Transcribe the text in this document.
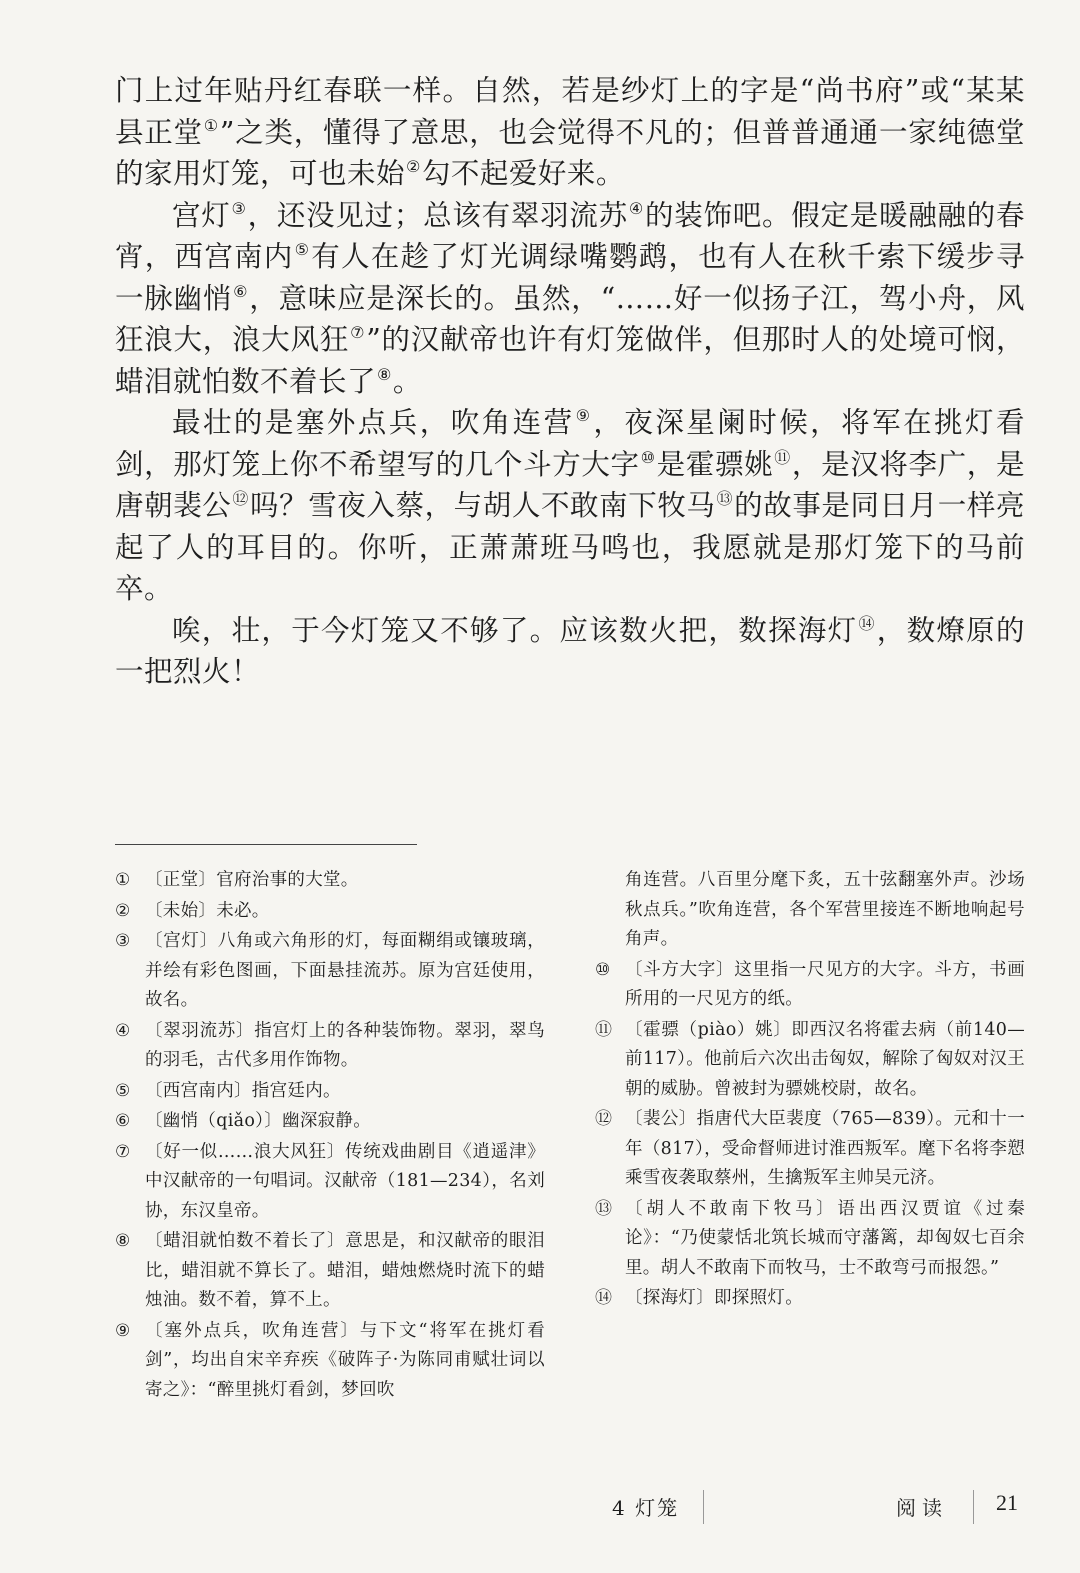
门上过年贴丹红春联一样。自然，若是纱灯上的字是“尚书府”或“某某县正堂①”之类，懂得了意思，也会觉得不凡的；但普普通通一家纯德堂的家用灯笼，可也未始②勾不起爱好来。

宫灯③，还没见过；总该有翠羽流苏④的装饰吧。假定是暖融融的春宵，西宫南内⑤有人在趁了灯光调绿嘴鹦鹉，也有人在秋千索下缓步寻一脉幽悄⑥，意味应是深长的。虽然，“……好一似扬子江，驾小舟，风狂浪大，浪大风狂⑦”的汉献帝也许有灯笼做伴，但那时人的处境可悯，蜡泪就怕数不着长了⑧。

最壮的是塞外点兵，吹角连营⑨，夜深星阑时候，将军在挑灯看剑，那灯笼上你不希望写的几个斗方大字⑩是霍骠姚⑪，是汉将李广，是唐朝裴公⑫吗？雪夜入蔡，与胡人不敢南下牧马⑬的故事是同日月一样亮起了人的耳目的。你听，正萧萧班马鸣也，我愿就是那灯笼下的马前卒。

唉，壮，于今灯笼又不够了。应该数火把，数探海灯⑭，数燎原的一把烈火！

① 〔正堂〕官府治事的大堂。

② 〔未始〕未必。

③ 〔宫灯〕八角或六角形的灯，每面糊绢或镶玻璃，并绘有彩色图画，下面悬挂流苏。原为宫廷使用，故名。

④ 〔翠羽流苏〕指宫灯上的各种装饰物。翠羽，翠鸟的羽毛，古代多用作饰物。

⑤ 〔西宫南内〕指宫廷内。

⑥ 〔幽悄（qiǎo）〕幽深寂静。

⑦ 〔好一似……浪大风狂〕传统戏曲剧目《逍遥津》中汉献帝的一句唱词。汉献帝（181—234），名刘协，东汉皇帝。

⑧ 〔蜡泪就怕数不着长了〕意思是，和汉献帝的眼泪比，蜡泪就不算长了。蜡泪，蜡烛燃烧时流下的蜡烛油。数不着，算不上。

⑨ 〔塞外点兵，吹角连营〕与下文“将军在挑灯看剑”，均出自宋辛弃疾《破阵子·为陈同甫赋壮词以寄之》：“醉里挑灯看剑，梦回吹

角连营。八百里分麾下炙，五十弦翻塞外声。沙场秋点兵。”吹角连营，各个军营里接连不断地响起号角声。

⑩ 〔斗方大字〕这里指一尺见方的大字。斗方，书画所用的一尺见方的纸。

⑪ 〔霍骠（piào）姚〕即西汉名将霍去病（前140—前117）。他前后六次出击匈奴，解除了匈奴对汉王朝的威胁。曾被封为骠姚校尉，故名。

⑫ 〔裴公〕指唐代大臣裴度（765—839）。元和十一年（817），受命督师进讨淮西叛军。麾下名将李愬乘雪夜袭取蔡州，生擒叛军主帅吴元济。

⑬ 〔胡人不敢南下牧马〕语出西汉贾谊《过秦论》：“乃使蒙恬北筑长城而守藩篱，却匈奴七百余里。胡人不敢南下而牧马，士不敢弯弓而报怨。”

⑭ 〔探海灯〕即探照灯。

4 灯笼	阅读 21
